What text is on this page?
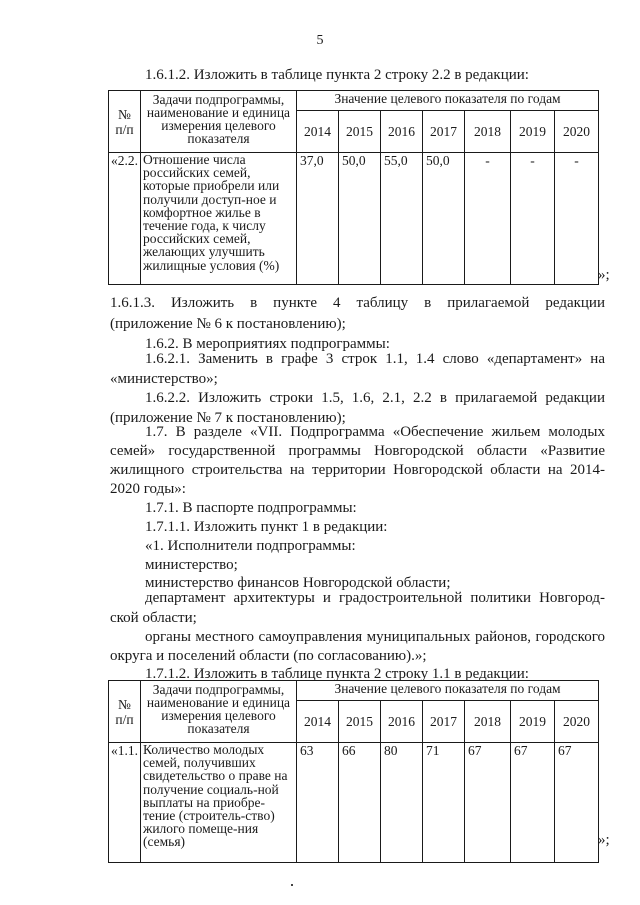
5
1.6.1.2. Изложить в таблице пункта 2 строку 2.2 в редакции:
№
п/п	Задачи подпрограммы, наименование и единица измерения целевого показателя	Значение целевого показателя по годам						
		2014	2015	2016	2017	2018	2019	2020
«2.2.	Отношение числа российских семей, которые приобрели или получили доступ-ное и комфортное жилье в течение года, к числу российских семей, желающих улучшить жилищные условия (%)	37,0	50,0	55,0	50,0	-	-	-
»;
1.6.1.3. Изложить в пункте 4 таблицу в прилагаемой редакции
(приложение № 6 к постановлению);
1.6.2. В мероприятиях подпрограммы:
1.6.2.1. Заменить в графе 3 строк 1.1, 1.4 слово «департамент» на
«министерство»;
1.6.2.2. Изложить строки 1.5, 1.6, 2.1, 2.2 в прилагаемой редакции
(приложение № 7 к постановлению);
1.7. В разделе «VII. Подпрограмма «Обеспечение жильем молодых
семей» государственной программы Новгородской области «Развитие
жилищного строительства на территории Новгородской области на 2014-
2020 годы»:
1.7.1. В паспорте подпрограммы:
1.7.1.1. Изложить пункт 1 в редакции:
«1. Исполнители подпрограммы:
министерство;
министерство финансов Новгородской области;
департамент архитектуры и градостроительной политики Новгород-
ской области;
органы местного самоуправления муниципальных районов, городского
округа и поселений области (по согласованию).»;
1.7.1.2. Изложить в таблице пункта 2 строку 1.1 в редакции:
№
п/п	Задачи подпрограммы, наименование и единица измерения целевого показателя	Значение целевого показателя по годам						
		2014	2015	2016	2017	2018	2019	2020
«1.1.	Количество молодых семей, получивших свидетельство о праве на получение социаль-ной выплаты на приобре-тение (строитель-ство) жилого помеще-ния (семья)	63	66	80	71	67	67	67
»;
